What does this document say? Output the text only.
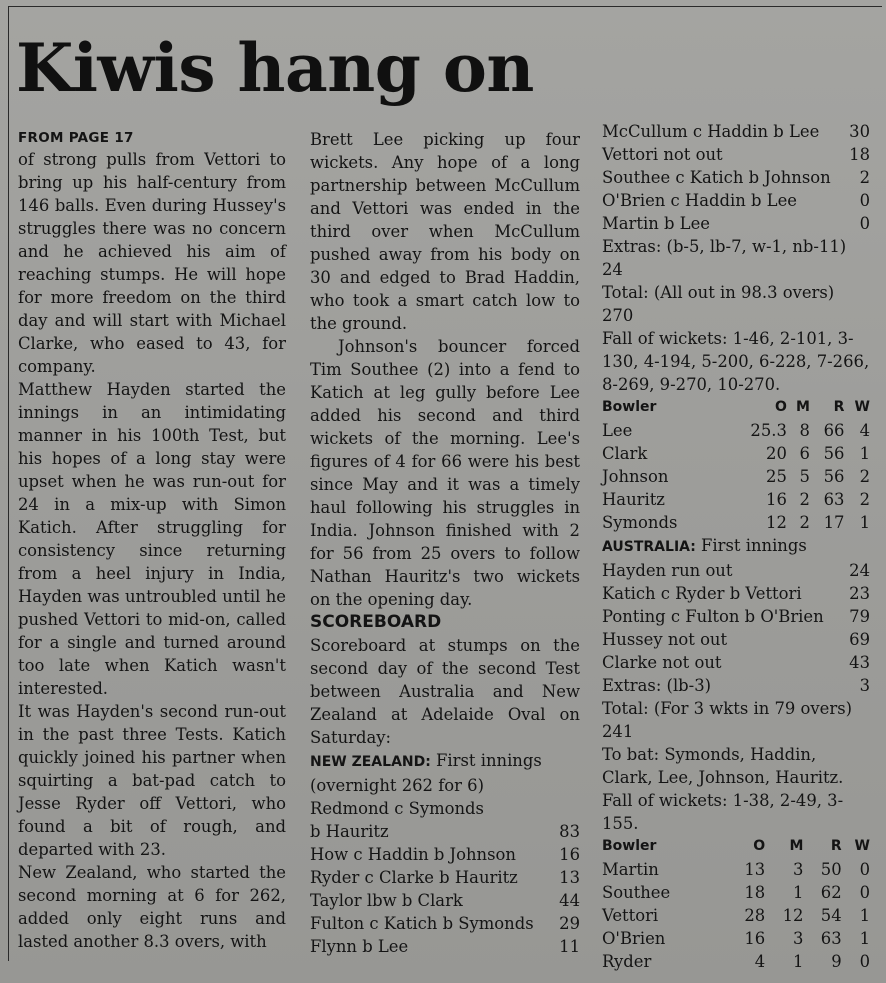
Kiwis hang on
FROM PAGE 17

of strong pulls from Vettori to bring up his half-century from 146 balls. Even during Hussey's struggles there was no concern and he achieved his aim of reaching stumps. He will hope for more freedom on the third day and will start with Michael Clarke, who eased to 43, for company.

Matthew Hayden started the innings in an intimidating manner in his 100th Test, but his hopes of a long stay were upset when he was run-out for 24 in a mix-up with Simon Katich. After struggling for consistency since returning from a heel injury in India, Hayden was untroubled until he pushed Vettori to mid-on, called for a single and turned around too late when Katich wasn't interested.

It was Hayden's second run-out in the past three Tests. Katich quickly joined his partner when squirting a bat-pad catch to Jesse Ryder off Vettori, who found a bit of rough, and departed with 23.

New Zealand, who started the second morning at 6 for 262, added only eight runs and lasted another 8.3 overs, with

Brett Lee picking up four wickets. Any hope of a long partnership between McCullum and Vettori was ended in the third over when McCullum pushed away from his body on 30 and edged to Brad Haddin, who took a smart catch low to the ground.

Johnson's bouncer forced Tim Southee (2) into a fend to Katich at leg gully before Lee added his second and third wickets of the morning. Lee's figures of 4 for 66 were his best since May and it was a timely haul following his struggles in India. Johnson finished with 2 for 56 from 25 overs to follow Nathan Hauritz's two wickets on the opening day.

SCOREBOARD

Scoreboard at stumps on the second day of the second Test between Australia and New Zealand at Adelaide Oval on Saturday:

NEW ZEALAND: First innings
(overnight 262 for 6)
Redmond c Symonds
b Hauritz	83
How c Haddin b Johnson	16
Ryder c Clarke b Hauritz	13
Taylor lbw b Clark	44
Fulton c Katich b Symonds 29
Flynn b Lee	11
McCullum c Haddin b Lee 30
Vettori not out	18
Southee c Katich b Johnson 2
O'Brien c Haddin b Lee	0
Martin b Lee	0
Extras: (b-5, lb-7, w-1, nb-11) 24
Total: (All out in 98.3 overs) 270
Fall of wickets: 1-46, 2-101, 3-130, 4-194, 5-200, 6-228, 7-266, 8-269, 9-270, 10-270.
Bowler	O	M	R	W
Lee	25.3	8	66	4
Clark	20	6	56	1
Johnson	25	5	56	2
Hauritz	16	2	63	2
Symonds	12	2	17	1
AUSTRALIA: First innings
Hayden run out	24
Katich c Ryder b Vettori	23
Ponting c Fulton b O'Brien 79
Hussey not out	69
Clarke not out	43
Extras: (lb-3)	3
Total: (For 3 wkts in 79 overs) 241
To bat: Symonds, Haddin, Clark, Lee, Johnson, Hauritz.
Fall of wickets: 1-38, 2-49, 3-155.
Bowler	O	M	R	W
Martin	13	3	50	0
Southee	18	1	62	0
Vettori	28	12	54	1
O'Brien	16	3	63	1
Ryder	4	1	9	0
